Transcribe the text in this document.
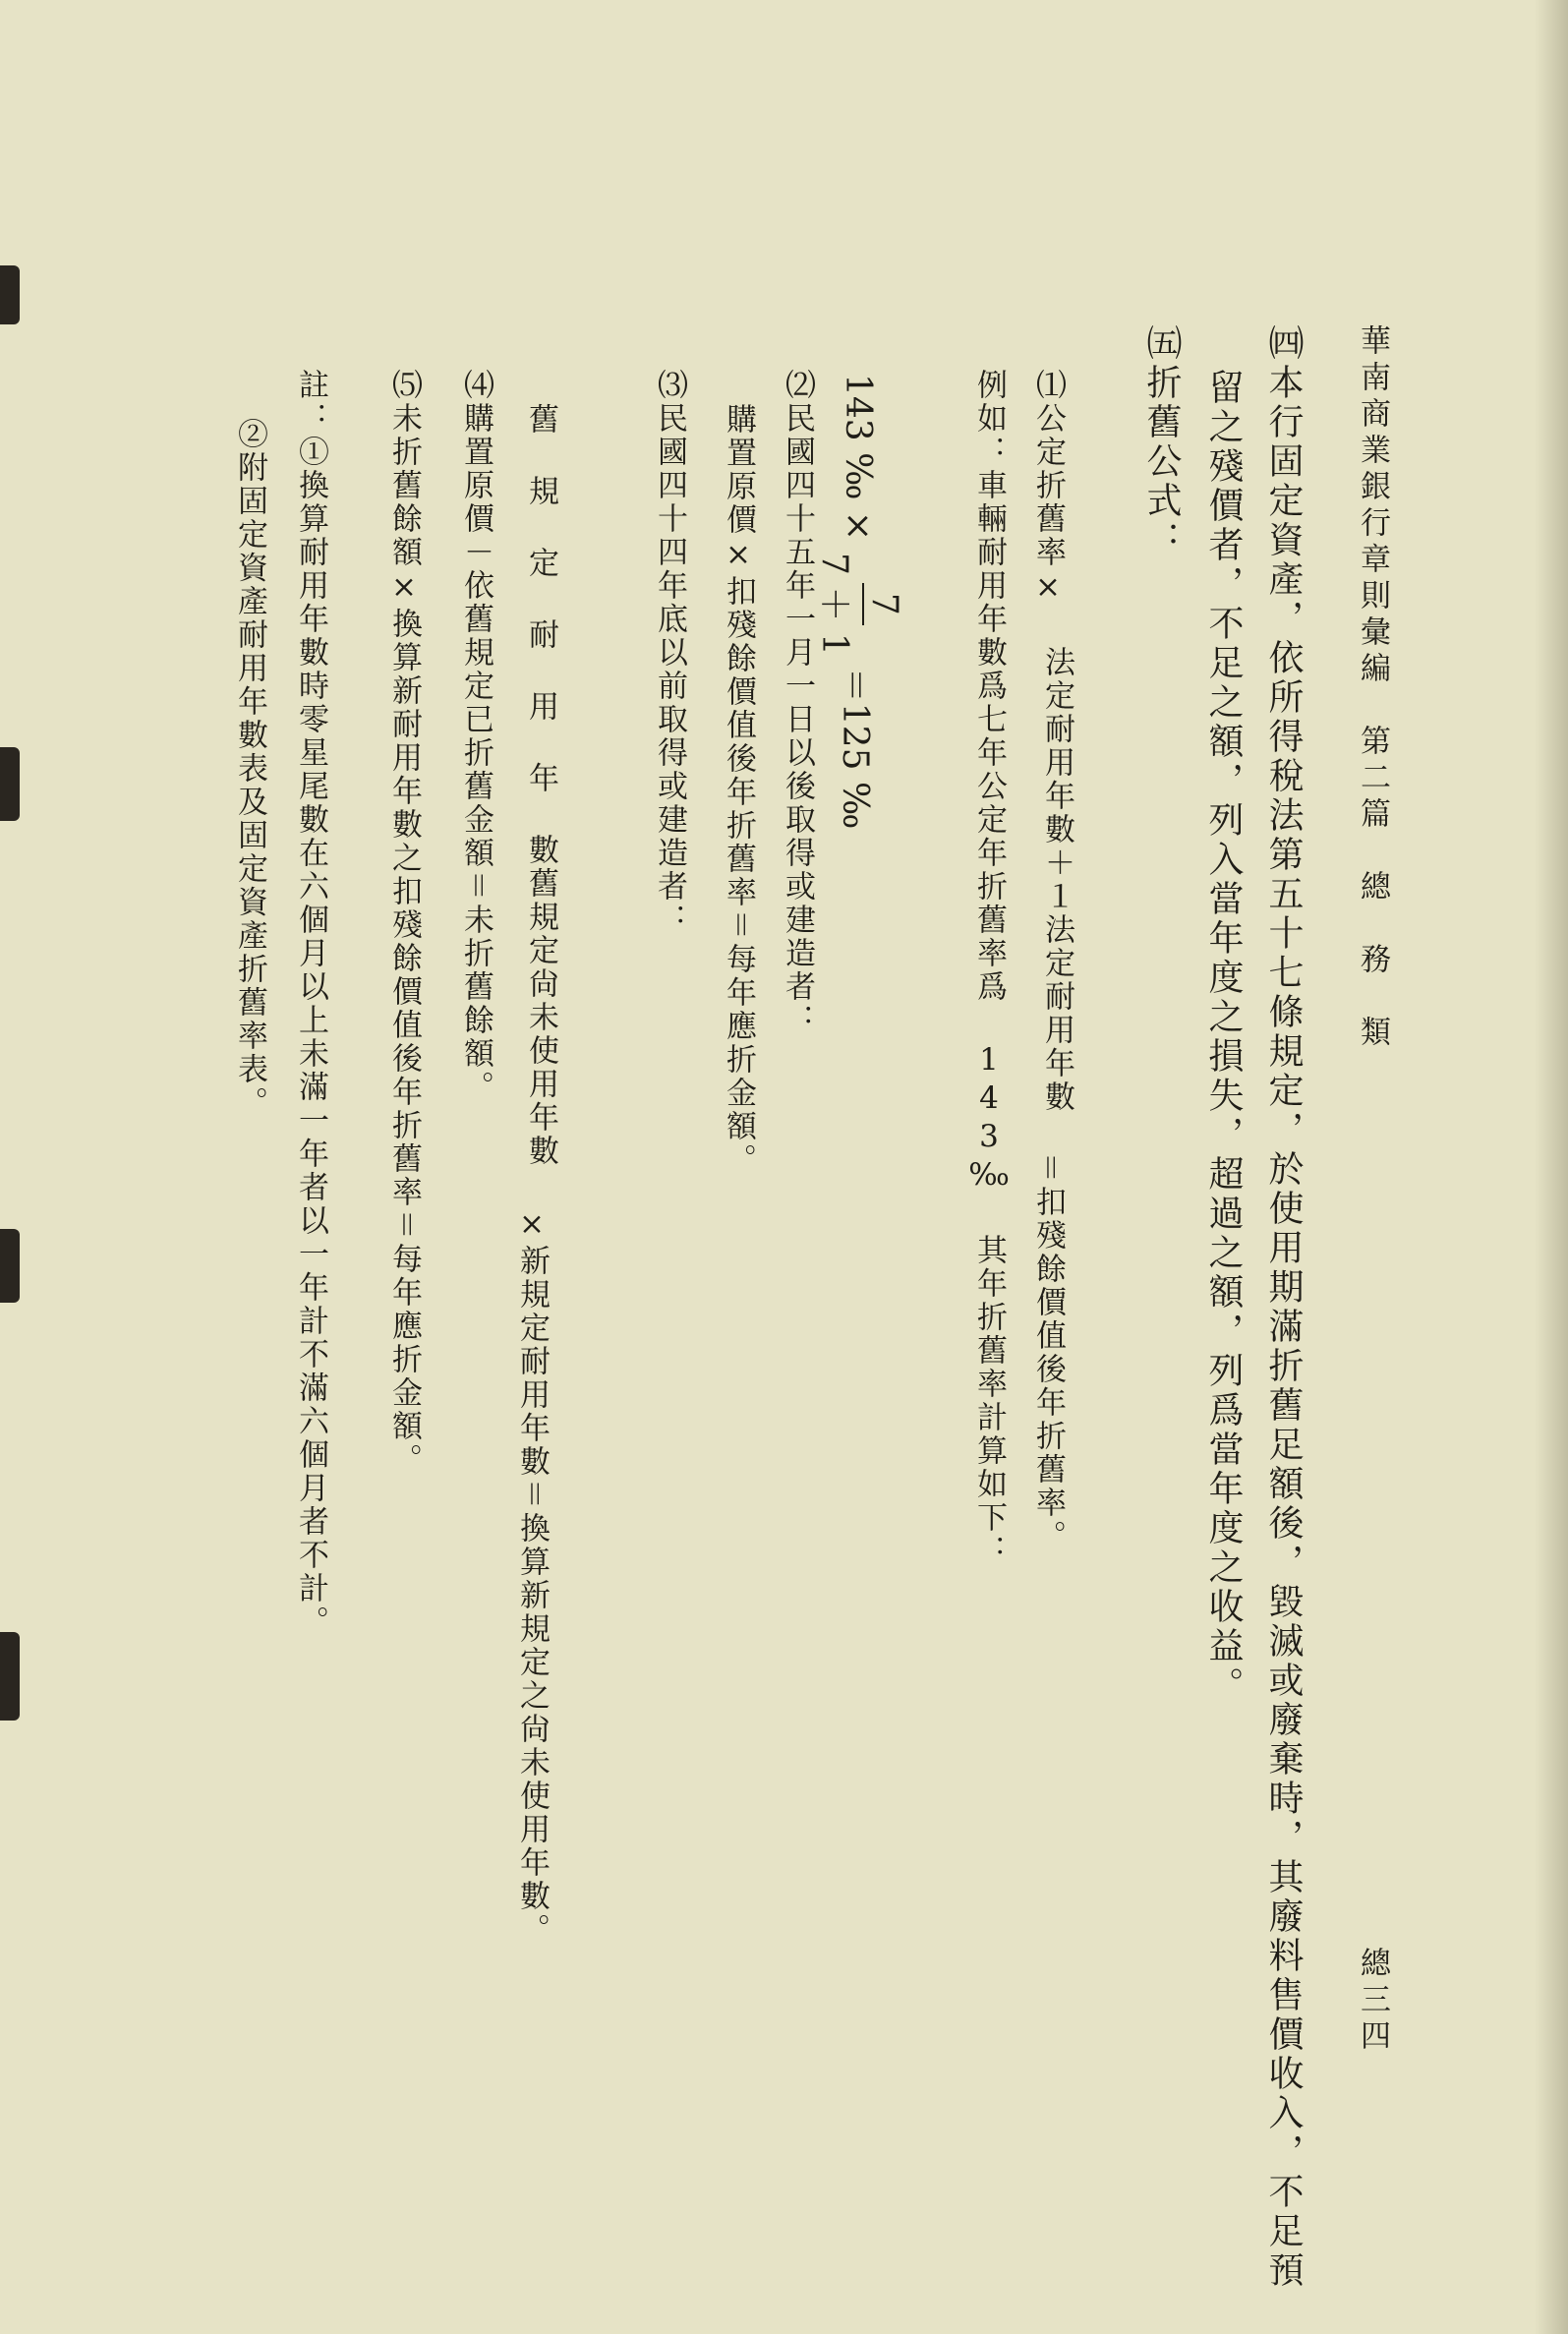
華南商業銀行章則彙編　第二篇　總　務　類
總三四
㈣本行固定資產，依所得稅法第五十七條規定，於使用期滿折舊足額後，毀滅或廢棄時，其廢料售價收入，不足預
留之殘價者，不足之額，列入當年度之損失，超過之額，列爲當年度之收益。
㈤折舊公式：
⑴公定折舊率×
法定耐用年數＋１
法定耐用年數
＝扣殘餘價值後年折舊率。
例如：車輛耐用年數爲七年公定年折舊率爲 143‰ 其年折舊率計算如下：
143 ‰ ×
7
7 ＋ 1
＝125 ‰
⑵民國四十五年一月一日以後取得或建造者：
購置原價×扣殘餘價值後年折舊率＝每年應折金額。
⑶民國四十四年底以前取得或建造者：
舊 規 定 耐 用 年 數
舊規定尙未使用年數
×新規定耐用年數＝換算新規定之尙未使用年數。
⑷購置原價－依舊規定已折舊金額＝未折舊餘額。
⑸未折舊餘額×換算新耐用年數之扣殘餘價值後年折舊率＝每年應折金額。
註：①換算耐用年數時零星尾數在六個月以上未滿一年者以一年計不滿六個月者不計。
②附固定資產耐用年數表及固定資產折舊率表。
